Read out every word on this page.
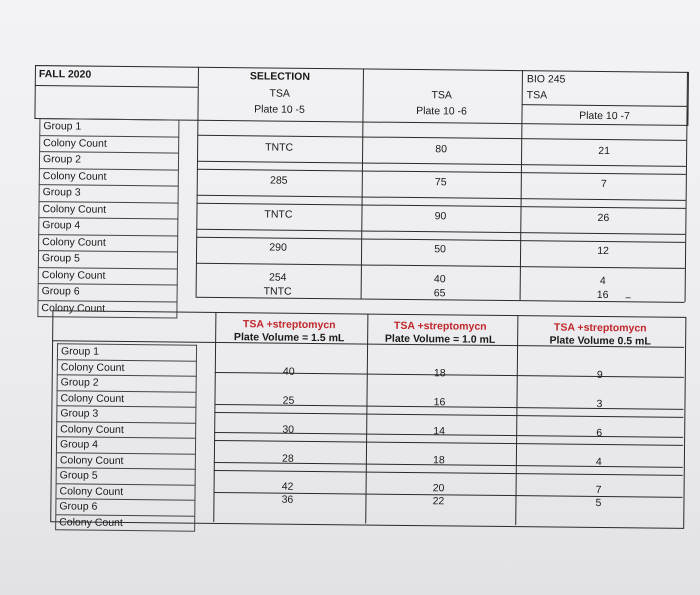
FALL 2020	SELECTION
TSA
Plate 10 -5
TSA
Plate 10 -6
BIO 245
TSA
Plate 10 -7
Group 1
Colony Count
Group 2
Colony Count
Group 3
Colony Count
Group 4
Colony Count
Group 5
Colony Count
Group 6
Colony Count
TNTC
285
TNTC
290
254
TNTC
80
75
90
50
40
65
21
7
26
12
4
16
TSA +streptomycn
Plate Volume = 1.5 mL
TSA +streptomycn
Plate Volume = 1.0 mL
TSA +streptomycn
Plate Volume 0.5 mL
Group 1
Colony Count
Group 2
Colony Count
Group 3
Colony Count
Group 4
Colony Count
Group 5
Colony Count
Group 6
Colony Count
40
25
30
28
42
36
18
16
14
18
20
22
9
3
6
4
7
5
